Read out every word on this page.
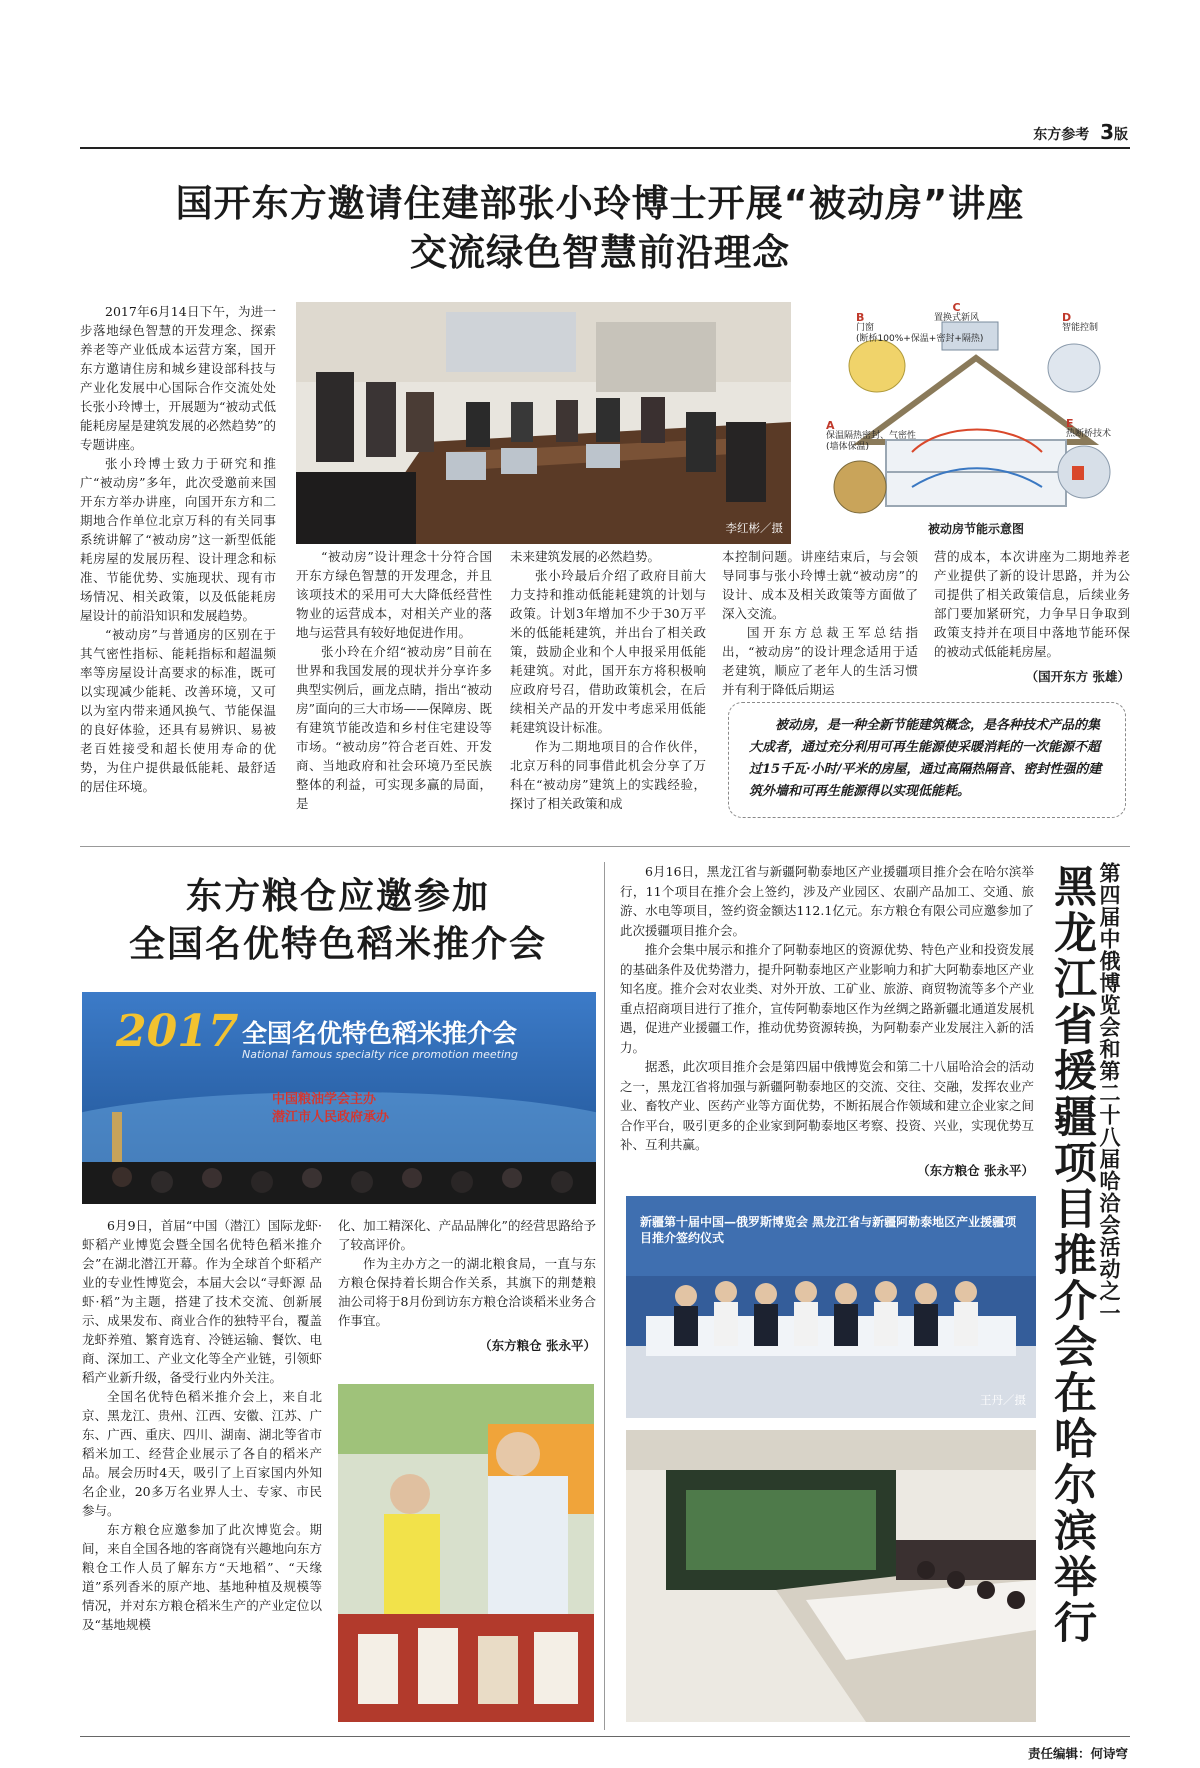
东方参考 3版
国开东方邀请住建部张小玲博士开展“被动房”讲座
交流绿色智慧前沿理念

2017年6月14日下午，为进一步落地绿色智慧的开发理念、探索养老等产业低成本运营方案，国开东方邀请住房和城乡建设部科技与产业化发展中心国际合作交流处处长张小玲博士，开展题为“被动式低能耗房屋是建筑发展的必然趋势”的专题讲座。

张小玲博士致力于研究和推广“被动房”多年，此次受邀前来国开东方举办讲座，向国开东方和二期地合作单位北京万科的有关同事系统讲解了“被动房”这一新型低能耗房屋的发展历程、设计理念和标准、节能优势、实施现状、现有市场情况、相关政策，以及低能耗房屋设计的前沿知识和发展趋势。

“被动房”与普通房的区别在于其气密性指标、能耗指标和超温频率等房屋设计高要求的标准，既可以实现减少能耗、改善环境，又可以为室内带来通风换气、节能保温的良好体验，还具有易辨识、易被老百姓接受和超长使用寿命的优势，为住户提供最低能耗、最舒适的居住环境。

李红彬／摄
B
门窗
(断桥100%+保温+密封+隔热)
C
置换式新风	D
智能控制
A
保温隔热密封、气密性
(墙体保温)
E
热断桥技术
被动房节能示意图

“被动房”设计理念十分符合国开东方绿色智慧的开发理念，并且该项技术的采用可大大降低经营性物业的运营成本，对相关产业的落地与运营具有较好地促进作用。

张小玲在介绍“被动房”目前在世界和我国发展的现状并分享许多典型实例后，画龙点睛，指出“被动房”面向的三大市场——保障房、既有建筑节能改造和乡村住宅建设等市场。“被动房”符合老百姓、开发商、当地政府和社会环境乃至民族整体的利益，可实现多赢的局面，是

未来建筑发展的必然趋势。

张小玲最后介绍了政府目前大力支持和推动低能耗建筑的计划与政策。计划3年增加不少于30万平米的低能耗建筑，并出台了相关政策，鼓励企业和个人申报采用低能耗建筑。对此，国开东方将积极响应政府号召，借助政策机会，在后续相关产品的开发中考虑采用低能耗建筑设计标准。

作为二期地项目的合作伙伴，北京万科的同事借此机会分享了万科在“被动房”建筑上的实践经验，探讨了相关政策和成

本控制问题。讲座结束后，与会领导同事与张小玲博士就“被动房”的设计、成本及相关政策等方面做了深入交流。

国开东方总裁王军总结指出，“被动房”的设计理念适用于适老建筑，顺应了老年人的生活习惯并有利于降低后期运

营的成本，本次讲座为二期地养老产业提供了新的设计思路，并为公司提供了相关政策信息，后续业务部门要加紧研究，力争早日争取到政策支持并在项目中落地节能环保的被动式低能耗房屋。

（国开东方 张雄）
被动房，是一种全新节能建筑概念，是各种技术产品的集大成者，通过充分利用可再生能源使采暖消耗的一次能源不超过15千瓦·小时/平米的房屋，通过高隔热隔音、密封性强的建筑外墙和可再生能源得以实现低能耗。
东方粮仓应邀参加
全国名优特色稻米推介会
2017 全国名优特色稻米推介会
National famous specialty rice promotion meeting
中国粮油学会主办
潜江市人民政府承办

6月9日，首届“中国（潜江）国际龙虾·虾稻产业博览会暨全国名优特色稻米推介会”在湖北潜江开幕。作为全球首个虾稻产业的专业性博览会，本届大会以“寻虾源 品虾·稻”为主题，搭建了技术交流、创新展示、成果发布、商业合作的独特平台，覆盖龙虾养殖、繁育选育、冷链运输、餐饮、电商、深加工、产业文化等全产业链，引领虾稻产业新升级，备受行业内外关注。

全国名优特色稻米推介会上，来自北京、黑龙江、贵州、江西、安徽、江苏、广东、广西、重庆、四川、湖南、湖北等省市稻米加工、经营企业展示了各自的稻米产品。展会历时4天，吸引了上百家国内外知名企业，20多万名业界人士、专家、市民参与。

东方粮仓应邀参加了此次博览会。期间，来自全国各地的客商饶有兴趣地向东方粮仓工作人员了解东方“天地稻”、“天缘道”系列香米的原产地、基地种植及规模等情况，并对东方粮仓稻米生产的产业定位以及“基地规模

化、加工精深化、产品品牌化”的经营思路给予了较高评价。

作为主办方之一的湖北粮食局，一直与东方粮仓保持着长期合作关系，其旗下的荆楚粮油公司将于8月份到访东方粮仓洽谈稻米业务合作事宜。

（东方粮仓 张永平）

6月16日，黑龙江省与新疆阿勒泰地区产业援疆项目推介会在哈尔滨举行，11个项目在推介会上签约，涉及产业园区、农副产品加工、交通、旅游、水电等项目，签约资金额达112.1亿元。东方粮仓有限公司应邀参加了此次援疆项目推介会。

推介会集中展示和推介了阿勒泰地区的资源优势、特色产业和投资发展的基础条件及优势潜力，提升阿勒泰地区产业影响力和扩大阿勒泰地区产业知名度。推介会对农业类、对外开放、工矿业、旅游、商贸物流等多个产业重点招商项目进行了推介，宣传阿勒泰地区作为丝绸之路新疆北通道发展机遇，促进产业援疆工作，推动优势资源转换，为阿勒泰产业发展注入新的活力。

据悉，此次项目推介会是第四届中俄博览会和第二十八届哈洽会的活动之一，黑龙江省将加强与新疆阿勒泰地区的交流、交往、交融，发挥农业产业、畜牧产业、医药产业等方面优势，不断拓展合作领域和建立企业家之间合作平台，吸引更多的企业家到阿勒泰地区考察、投资、兴业，实现优势互补、互利共赢。

（东方粮仓 张永平）	第四届中俄博览会和第二十八届哈洽会活动之一
黑龙江省援疆项目推介会在哈尔滨举行
新疆第十届中国—俄罗斯博览会 黑龙江省与新疆阿勒泰地区产业援疆项目推介签约仪式
王丹／摄
责任编辑：何诗穹
